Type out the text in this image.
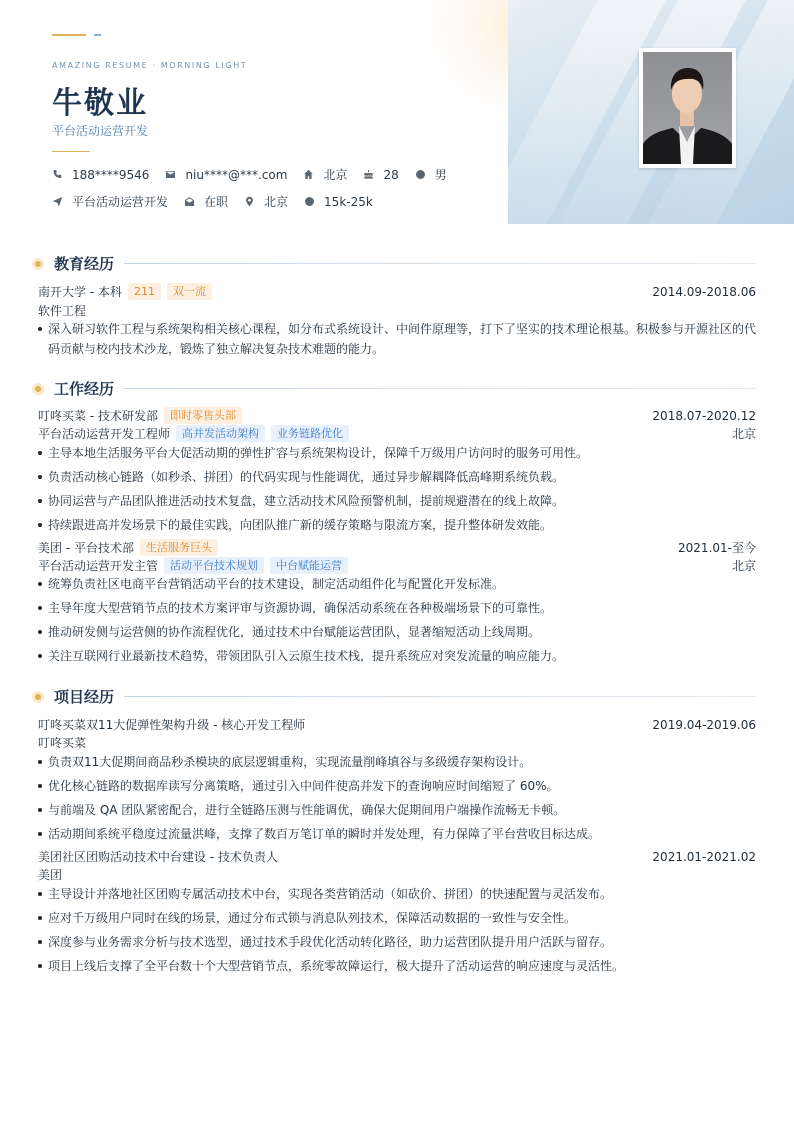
AMAZING RESUME · MORNING LIGHT
牛敬业
平台活动运营开发
188****9546	niu****@***.com	北京	28	男
平台活动运营开发	在职	北京	15k-25k
教育经历
南开大学 - 本科	211	双一流	2014.09-2018.06
软件工程
深入研习软件工程与系统架构相关核心课程，如分布式系统设计、中间件原理等，打下了坚实的技术理论根基。积极参与开源社区的代码贡献与校内技术沙龙，锻炼了独立解决复杂技术难题的能力。
工作经历
叮咚买菜 - 技术研发部	即时零售头部	2018.07-2020.12
平台活动运营开发工程师	高并发活动架构	业务链路优化	北京
主导本地生活服务平台大促活动期的弹性扩容与系统架构设计，保障千万级用户访问时的服务可用性。
负责活动核心链路（如秒杀、拼团）的代码实现与性能调优，通过异步解耦降低高峰期系统负载。
协同运营与产品团队推进活动技术复盘，建立活动技术风险预警机制，提前规避潜在的线上故障。
持续跟进高并发场景下的最佳实践，向团队推广新的缓存策略与限流方案，提升整体研发效能。
美团 - 平台技术部	生活服务巨头	2021.01-至今
平台活动运营开发主管	活动平台技术规划	中台赋能运营	北京
统筹负责社区电商平台营销活动平台的技术建设，制定活动组件化与配置化开发标准。
主导年度大型营销节点的技术方案评审与资源协调，确保活动系统在各种极端场景下的可靠性。
推动研发侧与运营侧的协作流程优化，通过技术中台赋能运营团队，显著缩短活动上线周期。
关注互联网行业最新技术趋势，带领团队引入云原生技术栈，提升系统应对突发流量的响应能力。
项目经历
叮咚买菜双11大促弹性架构升级 - 核心开发工程师	2019.04-2019.06
叮咚买菜
负责双11大促期间商品秒杀模块的底层逻辑重构，实现流量削峰填谷与多级缓存架构设计。
优化核心链路的数据库读写分离策略，通过引入中间件使高并发下的查询响应时间缩短了 60%。
与前端及 QA 团队紧密配合，进行全链路压测与性能调优，确保大促期间用户端操作流畅无卡顿。
活动期间系统平稳度过流量洪峰，支撑了数百万笔订单的瞬时并发处理，有力保障了平台营收目标达成。
美团社区团购活动技术中台建设 - 技术负责人	2021.01-2021.02
美团
主导设计并落地社区团购专属活动技术中台，实现各类营销活动（如砍价、拼团）的快速配置与灵活发布。
应对千万级用户同时在线的场景，通过分布式锁与消息队列技术，保障活动数据的一致性与安全性。
深度参与业务需求分析与技术选型，通过技术手段优化活动转化路径，助力运营团队提升用户活跃与留存。
项目上线后支撑了全平台数十个大型营销节点，系统零故障运行，极大提升了活动运营的响应速度与灵活性。
